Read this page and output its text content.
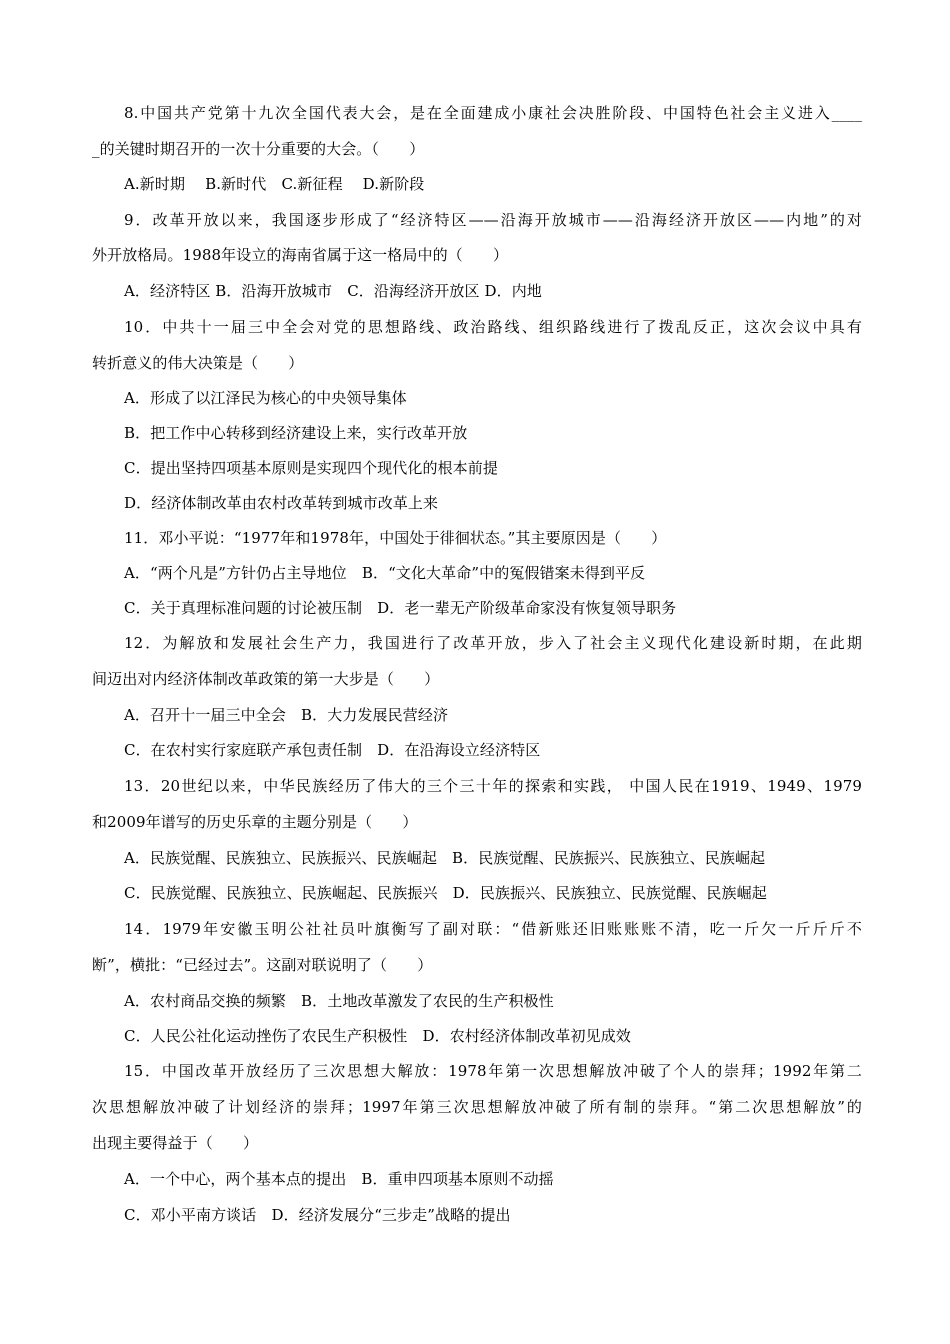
8.中国共产党第十九次全国代表大会，是在全面建成小康社会决胜阶段、中国特色社会主义进入____
_的关键时期召开的一次十分重要的大会。（　　）
A.新时期　 B.新时代　C.新征程　 D.新阶段
9．改革开放以来，我国逐步形成了“经济特区——沿海开放城市——沿海经济开放区——内地”的对
外开放格局。1988年设立的海南省属于这一格局中的（　　）
A．经济特区 B．沿海开放城市　C．沿海经济开放区 D．内地
10．中共十一届三中全会对党的思想路线、政治路线、组织路线进行了拨乱反正，这次会议中具有
转折意义的伟大决策是（　　）
A．形成了以江泽民为核心的中央领导集体
B．把工作中心转移到经济建设上来，实行改革开放
C．提出坚持四项基本原则是实现四个现代化的根本前提
D．经济体制改革由农村改革转到城市改革上来
11．邓小平说：“1977年和1978年，中国处于徘徊状态。”其主要原因是（　　）
A．“两个凡是”方针仍占主导地位　B．“文化大革命”中的冤假错案未得到平反
C．关于真理标准问题的讨论被压制　D．老一辈无产阶级革命家没有恢复领导职务
12．为解放和发展社会生产力，我国进行了改革开放，步入了社会主义现代化建设新时期，在此期
间迈出对内经济体制改革政策的第一大步是（　　）
A．召开十一届三中全会　B．大力发展民营经济
C．在农村实行家庭联产承包责任制　D．在沿海设立经济特区
13．20世纪以来，中华民族经历了伟大的三个三十年的探索和实践， 中国人民在1919、1949、1979
和2009年谱写的历史乐章的主题分别是（　　）
A．民族觉醒、民族独立、民族振兴、民族崛起　B．民族觉醒、民族振兴、民族独立、民族崛起
C．民族觉醒、民族独立、民族崛起、民族振兴　D．民族振兴、民族独立、民族觉醒、民族崛起
14．1979年安徽玉明公社社员叶旗衡写了副对联：“借新账还旧账账账不清，吃一斤欠一斤斤斤不
断”，横批：“已经过去”。这副对联说明了（　　）
A．农村商品交换的频繁　B．土地改革激发了农民的生产积极性
C．人民公社化运动挫伤了农民生产积极性　D．农村经济体制改革初见成效
15．中国改革开放经历了三次思想大解放：1978年第一次思想解放冲破了个人的崇拜；1992年第二
次思想解放冲破了计划经济的崇拜；1997年第三次思想解放冲破了所有制的崇拜。“第二次思想解放”的
出现主要得益于（　　）
A．一个中心，两个基本点的提出　B．重申四项基本原则不动摇
C．邓小平南方谈话　D．经济发展分“三步走”战略的提出
